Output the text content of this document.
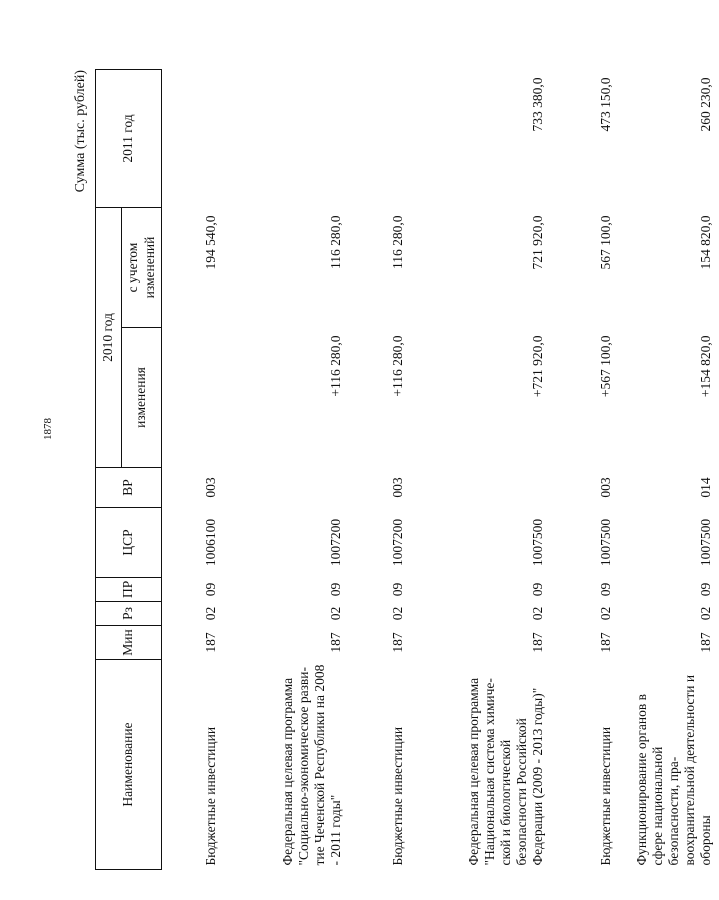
1878
Сумма (тыс. рублей)
Наименование	Мин	Рз	ПР	ЦСР	ВР	2010 год		2011 год
						изменения	с учетом изменений	
Бюджетные инвестиции	187	02	09	1006100	003		194 540,0	
Федеральная целевая программа "Социально-экономическое разви-тие Чеченской Республики на 2008 - 2011 годы"	187	02	09	1007200		+116 280,0	116 280,0	
Бюджетные инвестиции	187	02	09	1007200	003	+116 280,0	116 280,0	
Федеральная целевая программа "Национальная система химиче-ской и биологической безопасности Российской Федерации (2009 - 2013 годы)"	187	02	09	1007500		+721 920,0	721 920,0	733 380,0
Бюджетные инвестиции	187	02	09	1007500	003	+567 100,0	567 100,0	473 150,0
Функционирование органов в сфере национальной безопасности, пра-воохранительной деятельности и обороны	187	02	09	1007500	014	+154 820,0	154 820,0	260 230,0
